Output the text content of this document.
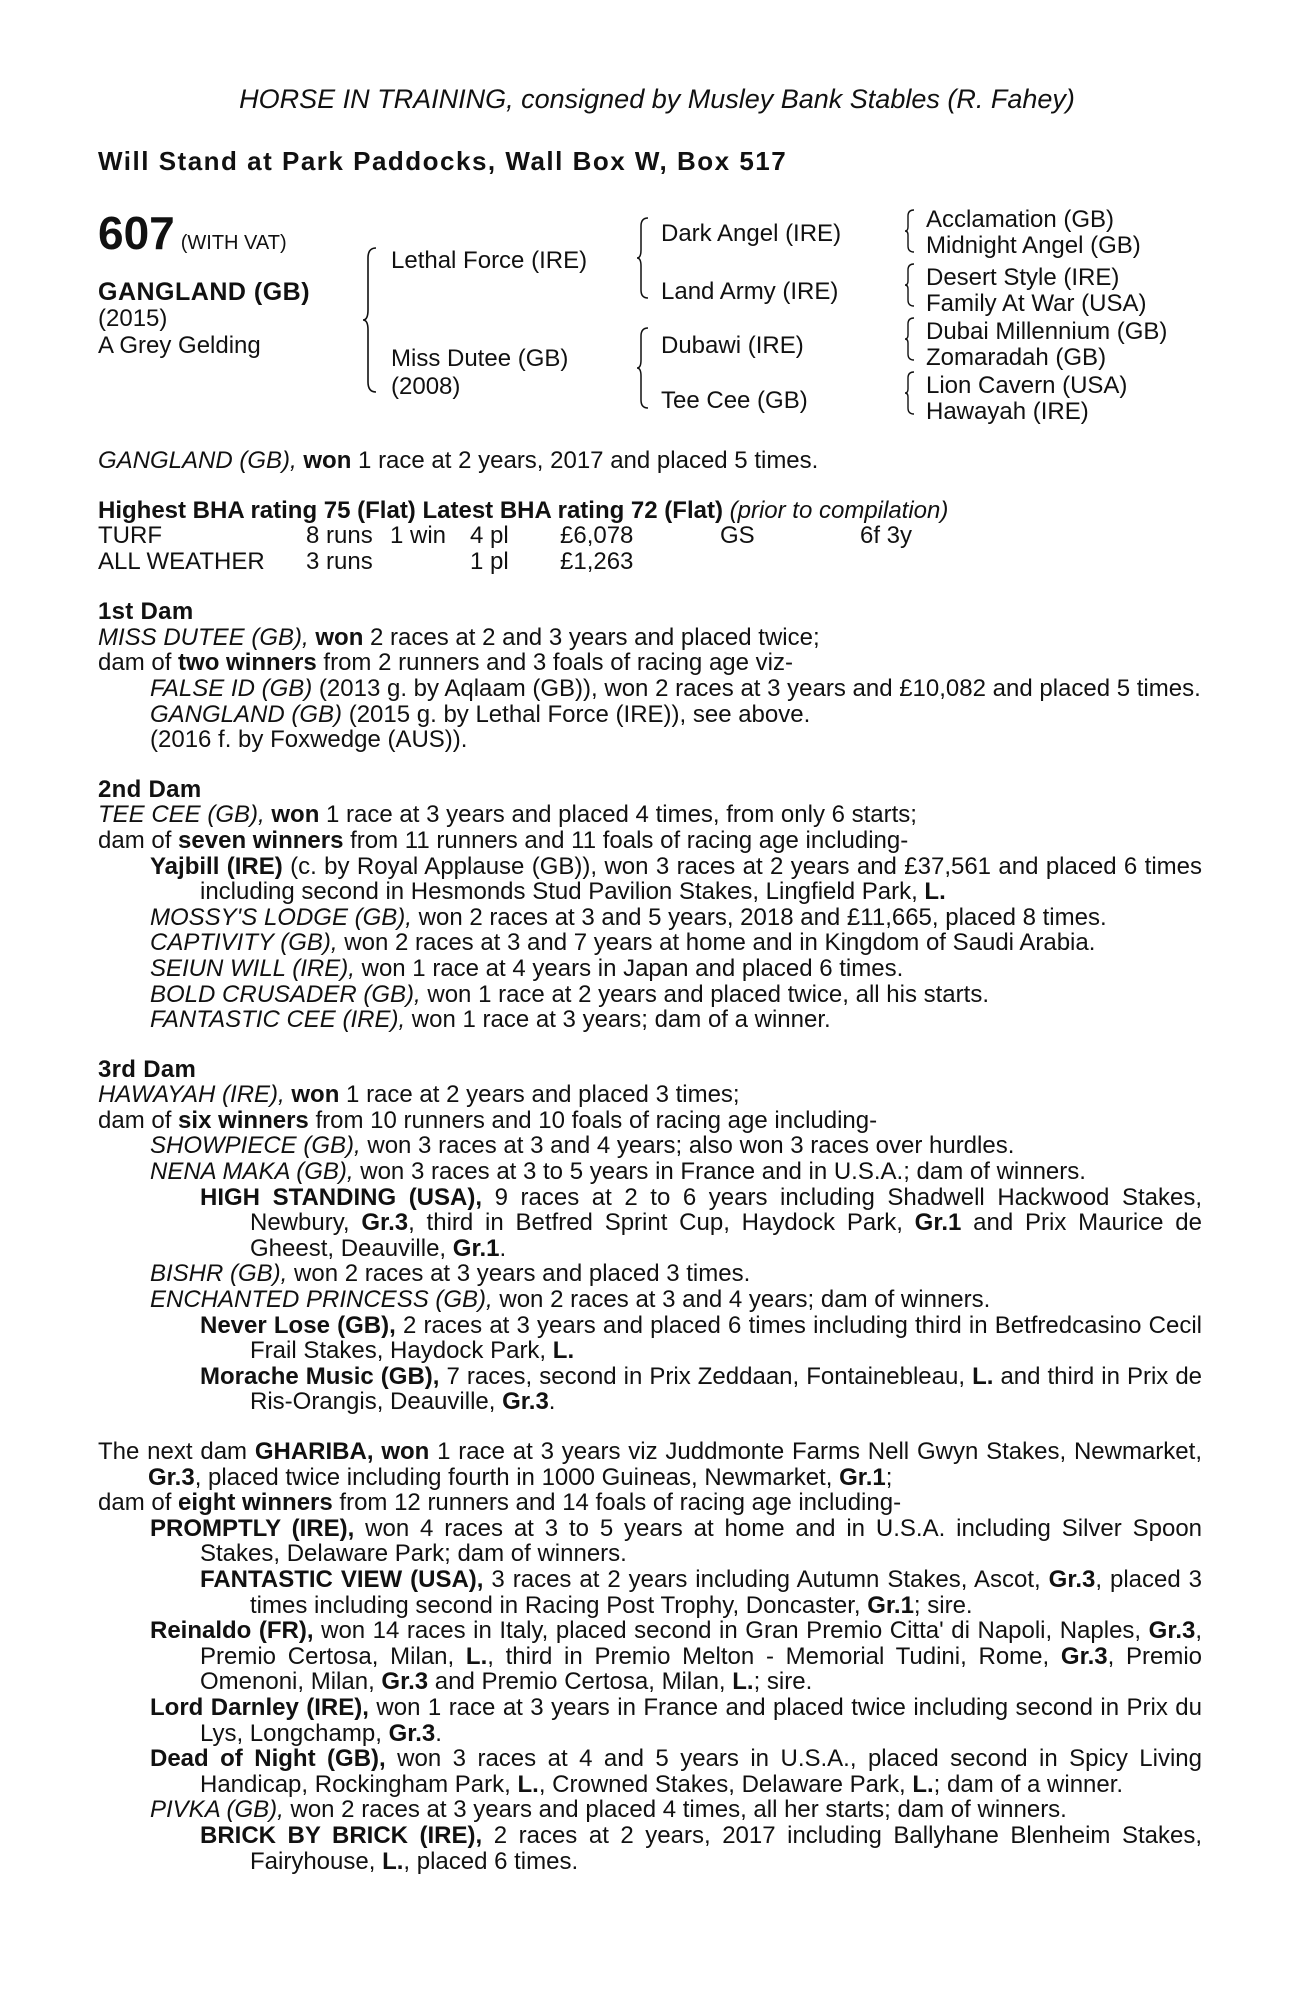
HORSE IN TRAINING, consigned by Musley Bank Stables (R. Fahey)
Will Stand at Park Paddocks, Wall Box W, Box 517
607 (WITH VAT)
GANGLAND (GB)
(2015)
A Grey Gelding
Lethal Force (IRE)
Miss Dutee (GB)
(2008)
Dark Angel (IRE)
Land Army (IRE)
Dubawi (IRE)
Tee Cee (GB)
Acclamation (GB)
Midnight Angel (GB)
Desert Style (IRE)
Family At War (USA)
Dubai Millennium (GB)
Zomaradah (GB)
Lion Cavern (USA)
Hawayah (IRE)

GANGLAND (GB), won 1 race at 2 years, 2017 and placed 5 times.

Highest BHA rating 75 (Flat) Latest BHA rating 72 (Flat) (prior to compilation)

TURF	8 runs 1 win 4 pl £6,078	GS	6f 3y
ALL WEATHER 3 runs	1 pl £1,263

1st Dam

MISS DUTEE (GB), won 2 races at 2 and 3 years and placed twice;

dam of two winners from 2 runners and 3 foals of racing age viz-

FALSE ID (GB) (2013 g. by Aqlaam (GB)), won 2 races at 3 years and £10,082 and placed 5 times.

GANGLAND (GB) (2015 g. by Lethal Force (IRE)), see above.

(2016 f. by Foxwedge (AUS)).

2nd Dam

TEE CEE (GB), won 1 race at 3 years and placed 4 times, from only 6 starts;

dam of seven winners from 11 runners and 11 foals of racing age including-

Yajbill (IRE) (c. by Royal Applause (GB)), won 3 races at 2 years and £37,561 and placed 6 times including second in Hesmonds Stud Pavilion Stakes, Lingfield Park, L.

MOSSY'S LODGE (GB), won 2 races at 3 and 5 years, 2018 and £11,665, placed 8 times.

CAPTIVITY (GB), won 2 races at 3 and 7 years at home and in Kingdom of Saudi Arabia.

SEIUN WILL (IRE), won 1 race at 4 years in Japan and placed 6 times.

BOLD CRUSADER (GB), won 1 race at 2 years and placed twice, all his starts.

FANTASTIC CEE (IRE), won 1 race at 3 years; dam of a winner.

3rd Dam

HAWAYAH (IRE), won 1 race at 2 years and placed 3 times;

dam of six winners from 10 runners and 10 foals of racing age including-

SHOWPIECE (GB), won 3 races at 3 and 4 years; also won 3 races over hurdles.

NENA MAKA (GB), won 3 races at 3 to 5 years in France and in U.S.A.; dam of winners.

HIGH STANDING (USA), 9 races at 2 to 6 years including Shadwell Hackwood Stakes, Newbury, Gr.3, third in Betfred Sprint Cup, Haydock Park, Gr.1 and Prix Maurice de Gheest, Deauville, Gr.1.

BISHR (GB), won 2 races at 3 years and placed 3 times.

ENCHANTED PRINCESS (GB), won 2 races at 3 and 4 years; dam of winners.

Never Lose (GB), 2 races at 3 years and placed 6 times including third in Betfredcasino Cecil Frail Stakes, Haydock Park, L.

Morache Music (GB), 7 races, second in Prix Zeddaan, Fontainebleau, L. and third in Prix de Ris-Orangis, Deauville, Gr.3.

The next dam GHARIBA, won 1 race at 3 years viz Juddmonte Farms Nell Gwyn Stakes, Newmarket, Gr.3, placed twice including fourth in 1000 Guineas, Newmarket, Gr.1;

dam of eight winners from 12 runners and 14 foals of racing age including-

PROMPTLY (IRE), won 4 races at 3 to 5 years at home and in U.S.A. including Silver Spoon Stakes, Delaware Park; dam of winners.

FANTASTIC VIEW (USA), 3 races at 2 years including Autumn Stakes, Ascot, Gr.3, placed 3 times including second in Racing Post Trophy, Doncaster, Gr.1; sire.

Reinaldo (FR), won 14 races in Italy, placed second in Gran Premio Citta' di Napoli, Naples, Gr.3, Premio Certosa, Milan, L., third in Premio Melton - Memorial Tudini, Rome, Gr.3, Premio Omenoni, Milan, Gr.3 and Premio Certosa, Milan, L.; sire.

Lord Darnley (IRE), won 1 race at 3 years in France and placed twice including second in Prix du Lys, Longchamp, Gr.3.

Dead of Night (GB), won 3 races at 4 and 5 years in U.S.A., placed second in Spicy Living Handicap, Rockingham Park, L., Crowned Stakes, Delaware Park, L.; dam of a winner.

PIVKA (GB), won 2 races at 3 years and placed 4 times, all her starts; dam of winners.

BRICK BY BRICK (IRE), 2 races at 2 years, 2017 including Ballyhane Blenheim Stakes, Fairyhouse, L., placed 6 times.
